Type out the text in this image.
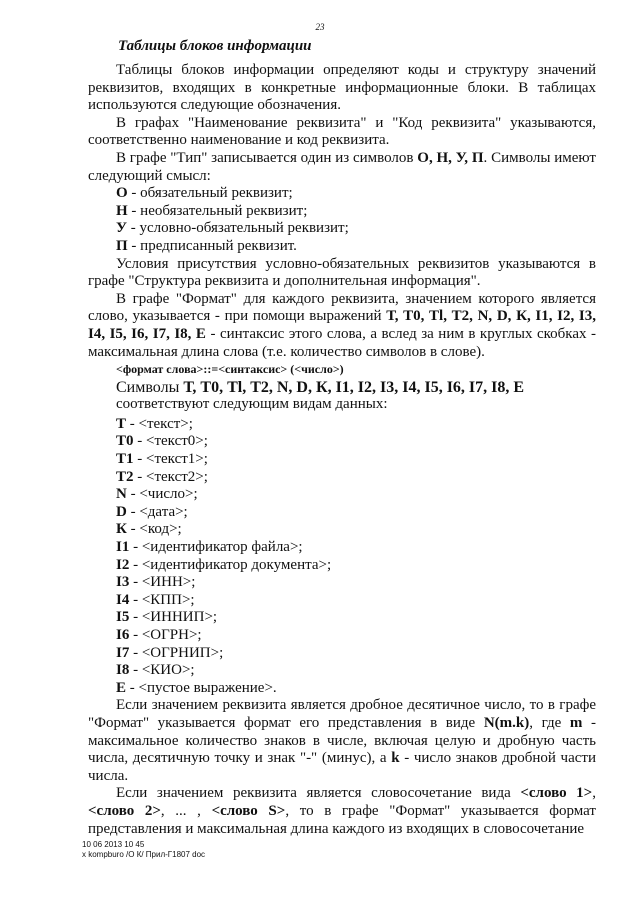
23
Таблицы блоков информации

Таблицы блоков информации определяют коды и структуру значений реквизитов, входящих в конкретные информационные блоки. В таблицах используются следующие обозначения.

В графах "Наименование реквизита" и "Код реквизита" указываются, соответственно наименование и код реквизита.

В графе "Тип" записывается один из символов О, Н, У, П. Символы имеют следующий смысл:

О - обязательный реквизит;
Н - необязательный реквизит;
У - условно-обязательный реквизит;
П - предписанный реквизит.

Условия присутствия условно-обязательных реквизитов указываются в графе "Структура реквизита и дополнительная информация".

В графе "Формат" для каждого реквизита, значением которого является слово, указывается - при помощи выражений Т, Т0, Тl, Т2, N, D, К, I1, I2, I3, I4, I5, I6, I7, I8, Е - синтаксис этого слова, а вслед за ним в круглых скобках - максимальная длина слова (т.е. количество символов в слове).

<формат слова>::=<синтаксис> (<число>)
Символы Т, Т0, Тl, Т2, N, D, К, I1, I2, I3, I4, I5, I6, I7, I8, Е
соответствуют следующим видам данных:
Т - <текст>;
Т0 - <текст0>;
Т1 - <текст1>;
Т2 - <текст2>;
N - <число>;
D - <дата>;
К - <код>;
I1 - <идентификатор файла>;
I2 - <идентификатор документа>;
I3 - <ИНН>;
I4 - <КПП>;
I5 - <ИННИП>;
I6 - <ОГРН>;
I7 - <ОГРНИП>;
I8 - <КИО>;
Е - <пустое выражение>.

Если значением реквизита является дробное десятичное число, то в графе "Формат" указывается формат его представления в виде N(m.k), где m - максимальное количество знаков в числе, включая целую и дробную часть числа, десятичную точку и знак "-" (минус), а k - число знаков дробной части числа.

Если значением реквизита является словосочетание вида <слово 1>, <слово 2>, ... , <слово S>, то в графе "Формат" указывается формат представления и максимальная длина каждого из входящих в словосочетание

10 06 2013 10 45
x kompburo /О К/ Прил-Г1807 doc
